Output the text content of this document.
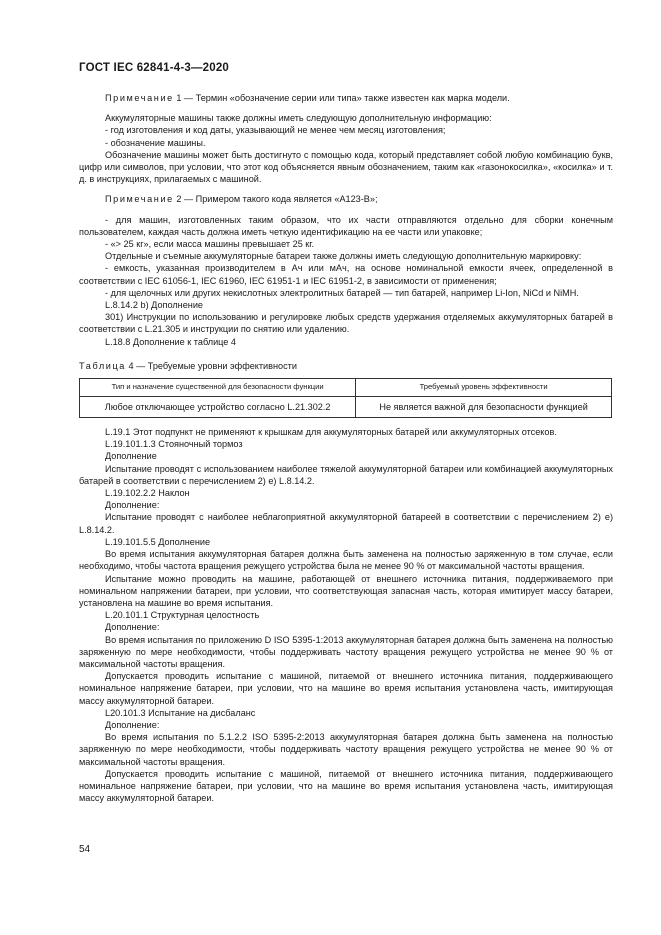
ГОСТ IEC 62841-4-3—2020

Примечание 1 — Термин «обозначение серии или типа» также известен как марка модели.

Аккумуляторные машины также должны иметь следующую дополнительную информацию:

- год изготовления и код даты, указывающий не менее чем месяц изготовления;

- обозначение машины.

Обозначение машины может быть достигнуто с помощью кода, который представляет собой любую комбинацию букв, цифр или символов, при условии, что этот код объясняется явным обозначением, таким как «газонокосилка», «косилка» и т. д. в инструкциях, прилагаемых с машиной.

Примечание 2 — Примером такого кода является «A123-B»;

- для машин, изготовленных таким образом, что их части отправляются отдельно для сборки конечным пользователем, каждая часть должна иметь четкую идентификацию на ее части или упаковке;

- «> 25 кг», если масса машины превышает 25 кг.

Отдельные и съемные аккумуляторные батареи также должны иметь следующую дополнительную маркировку:

- емкость, указанная производителем в Ач или мАч, на основе номинальной емкости ячеек, определенной в соответствии с IEC 61056-1, IEC 61960, IEC 61951-1 и IEC 61951-2, в зависимости от применения;

- для щелочных или других некислотных электролитных батарей — тип батарей, например Li-Ion, NiCd и NiMH.

L.8.14.2 b) Дополнение

301) Инструкции по использованию и регулировке любых средств удержания отделяемых аккумуляторных батарей в соответствии с L.21.305 и инструкции по снятию или удалению.

L.18.8 Дополнение к таблице 4

Таблица 4 — Требуемые уровни эффективности

Тип и назначение существенной для безопасности функции	Требуемый уровень эффективности
Любое отключающее устройство согласно L.21.302.2	Не является важной для безопасности функцией

L.19.1 Этот подпункт не применяют к крышкам для аккумуляторных батарей или аккумуляторных отсеков.

L.19.101.1.3 Стояночный тормоз

Дополнение

Испытание проводят с использованием наиболее тяжелой аккумуляторной батареи или комбинацией аккумуляторных батарей в соответствии с перечислением 2) e) L.8.14.2.

L.19.102.2.2 Наклон

Дополнение:

Испытание проводят с наиболее неблагоприятной аккумуляторной батареей в соответствии с перечислением 2) e) L.8.14.2.

L.19.101.5.5 Дополнение

Во время испытания аккумуляторная батарея должна быть заменена на полностью заряженную в том случае, если необходимо, чтобы частота вращения режущего устройства была не менее 90 % от максимальной частоты вращения.

Испытание можно проводить на машине, работающей от внешнего источника питания, поддерживаемого при номинальном напряжении батареи, при условии, что соответствующая запасная часть, которая имитирует массу батареи, установлена на машине во время испытания.

L.20.101.1 Структурная целостность

Дополнение:

Во время испытания по приложению D ISO 5395-1:2013 аккумуляторная батарея должна быть заменена на полностью заряженную по мере необходимости, чтобы поддерживать частоту вращения режущего устройства не менее 90 % от максимальной частоты вращения.

Допускается проводить испытание с машиной, питаемой от внешнего источника питания, поддерживающего номинальное напряжение батареи, при условии, что на машине во время испытания установлена часть, имитирующая массу аккумуляторной батареи.

L20.101.3 Испытание на дисбаланс

Дополнение:

Во время испытания по 5.1.2.2 ISO 5395-2:2013 аккумуляторная батарея должна быть заменена на полностью заряженную по мере необходимости, чтобы поддерживать частоту вращения режущего устройства не менее 90 % от максимальной частоты вращения.

Допускается проводить испытание с машиной, питаемой от внешнего источника питания, поддерживающего номинальное напряжение батареи, при условии, что на машине во время испытания установлена часть, имитирующая массу аккумуляторной батареи.

54
